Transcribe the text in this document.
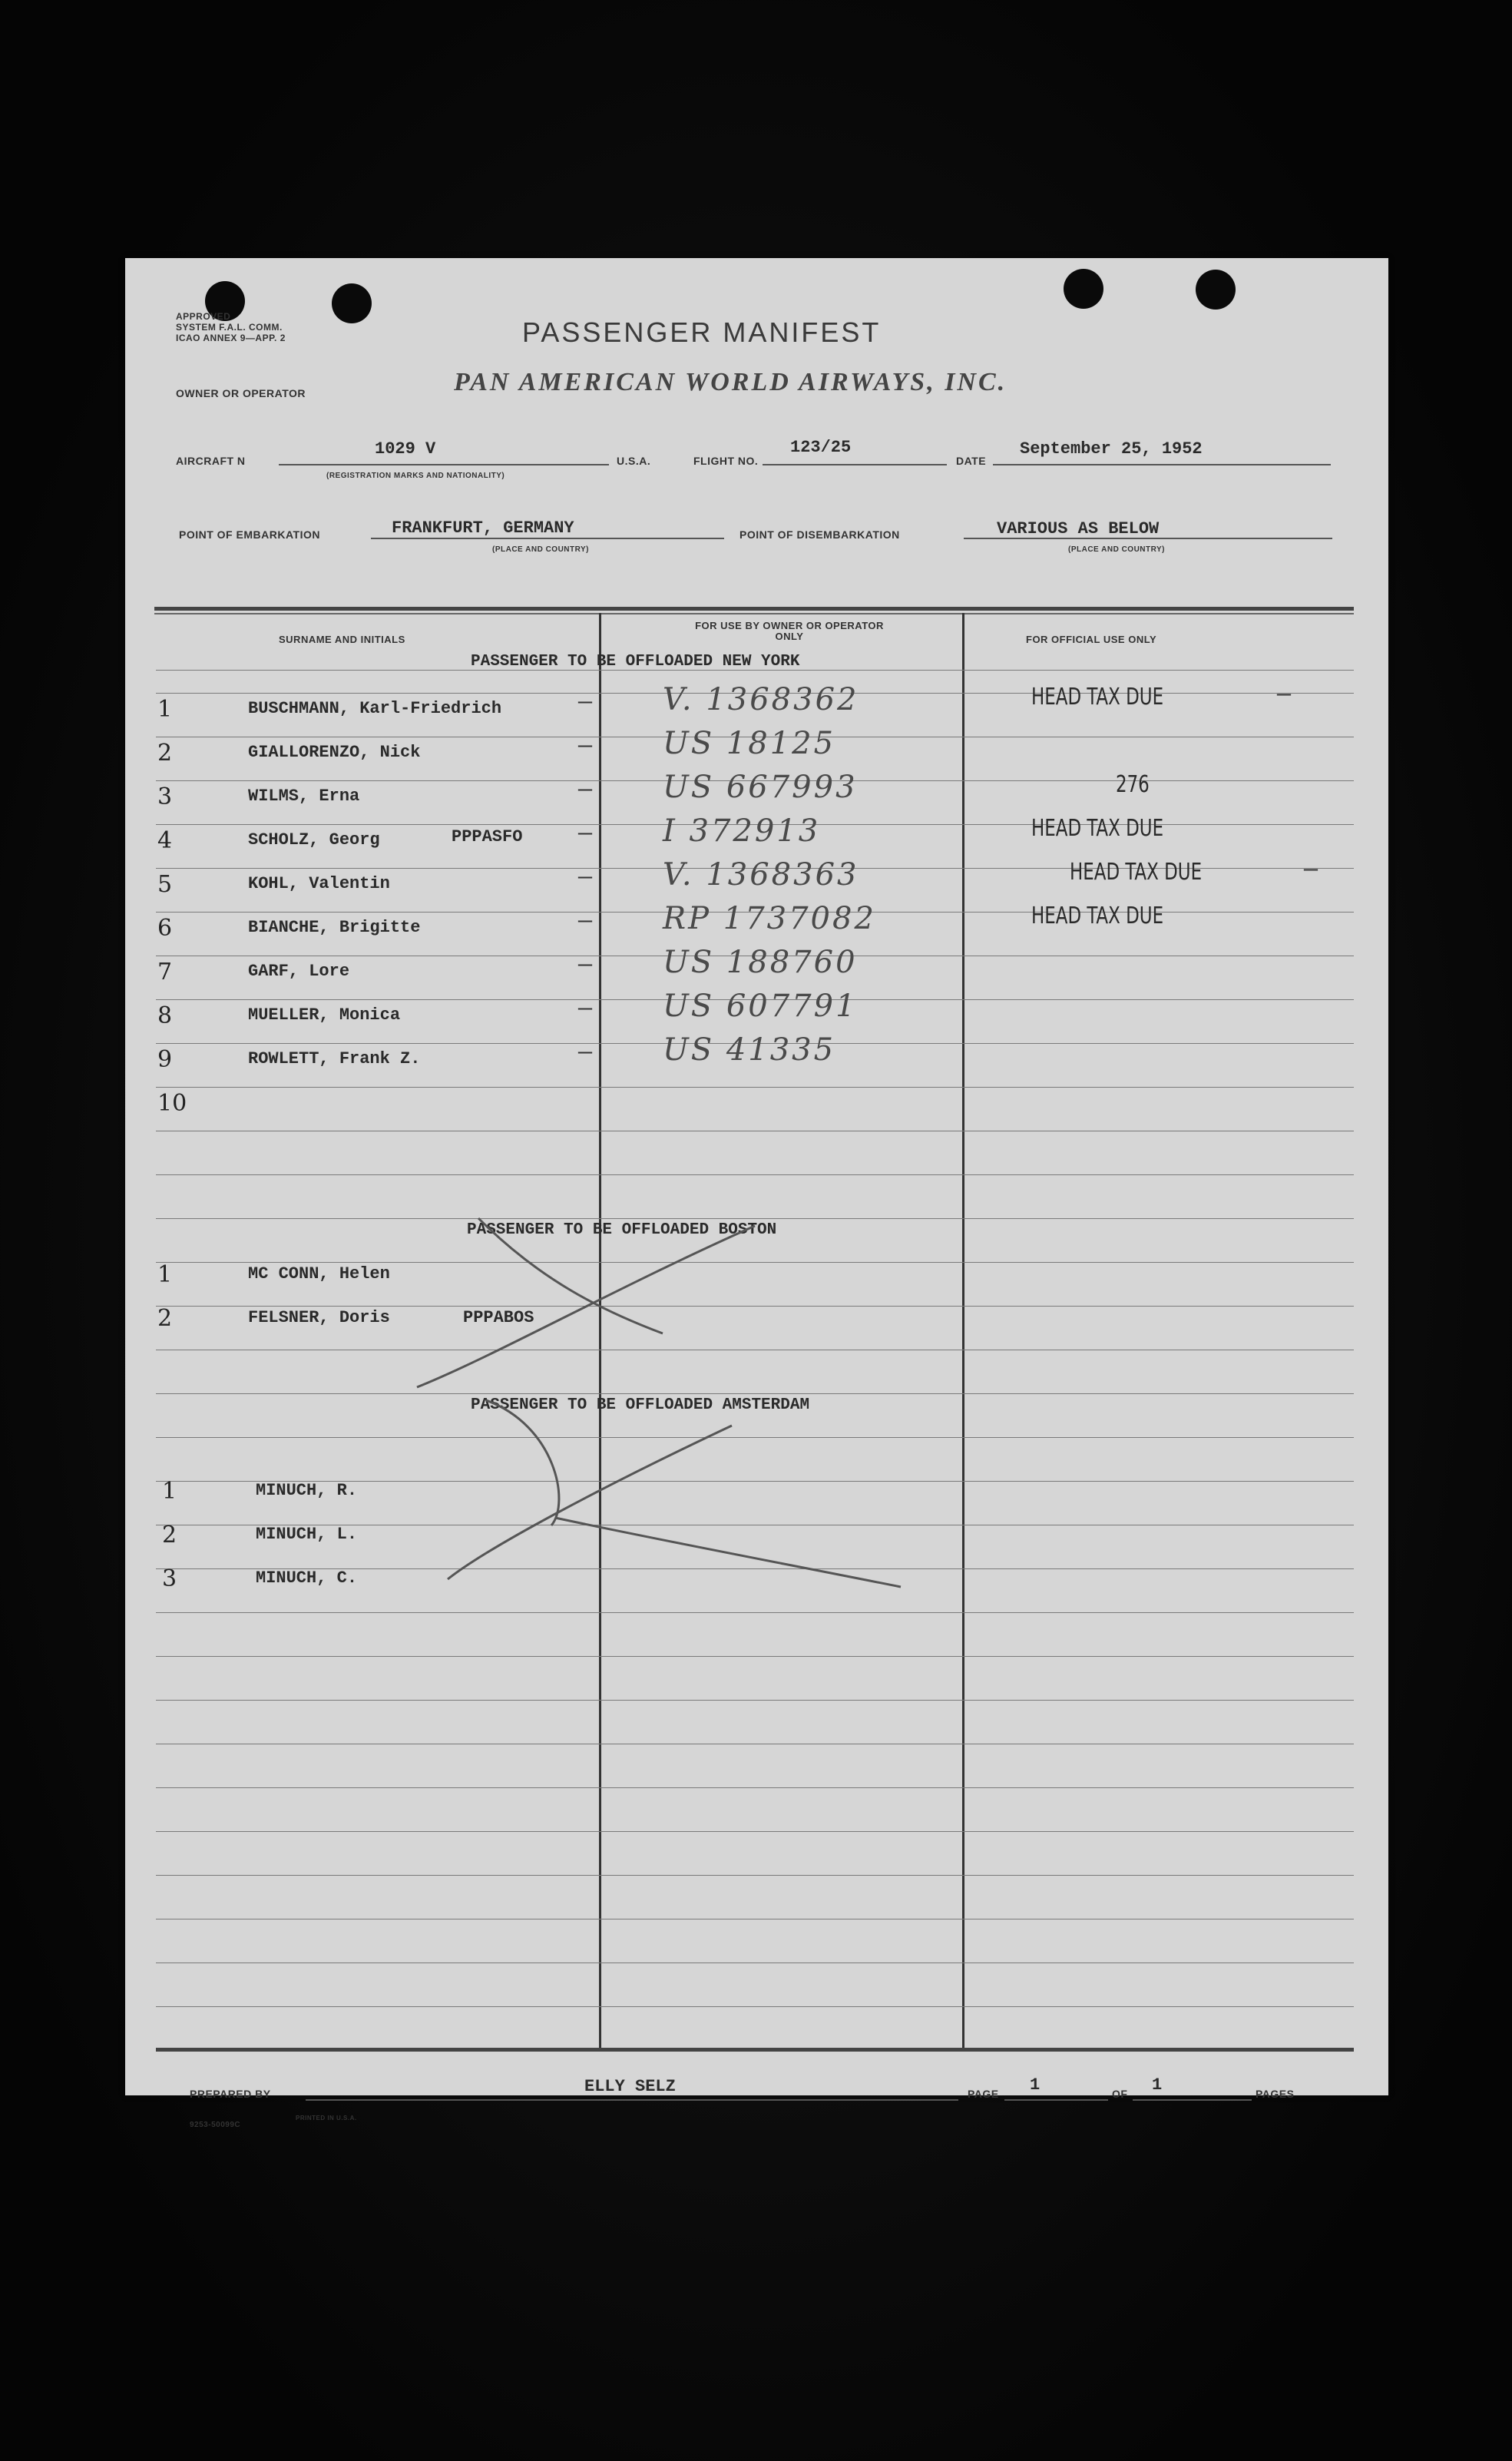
APPROVED
SYSTEM F.A.L. COMM.
ICAO ANNEX 9—APP. 2	PASSENGER MANIFEST
OWNER OR OPERATOR	PAN AMERICAN WORLD AIRWAYS, INC.
AIRCRAFT N
1029 V
(REGISTRATION MARKS AND NATIONALITY)
U.S.A.	FLIGHT NO.
123/25
DATE
September 25, 1952
POINT OF EMBARKATION	FRANKFURT, GERMANY
(PLACE AND COUNTRY)
POINT OF DISEMBARKATION	VARIOUS AS BELOW
(PLACE AND COUNTRY)
SURNAME AND INITIALS
FOR USE BY OWNER OR OPERATOR ONLY	FOR OFFICIAL USE ONLY
PASSENGER TO BE OFFLOADED NEW YORK
1	BUSCHMANN, Karl-Friedrich	— V. 1368362	HEAD TAX DUE	—
2	GIALLORENZO, Nick	— US 18125
3	WILMS, Erna	— US 667993	276
4	SCHOLZ, Georg	PPPASFO — I 372913	HEAD TAX DUE
5	KOHL, Valentin	— V. 1368363	HEAD TAX DUE	—
6	BIANCHE, Brigitte	— RP 1737082	HEAD TAX DUE
7	GARF, Lore	— US 188760
8	MUELLER, Monica	— US 607791
9	ROWLETT, Frank Z.	— US 41335
10
PASSENGER TO BE OFFLOADED BOSTON
1	MC CONN, Helen
2	FELSNER, Doris	PPPABOS
PASSENGER TO BE OFFLOADED AMSTERDAM
1	MINUCH, R.
2	MINUCH, L.
3	MINUCH, C.
PREPARED BY	ELLY SELZ	PAGE 1	OF 1	PAGES
9253-50099C
PRINTED IN U.S.A.
